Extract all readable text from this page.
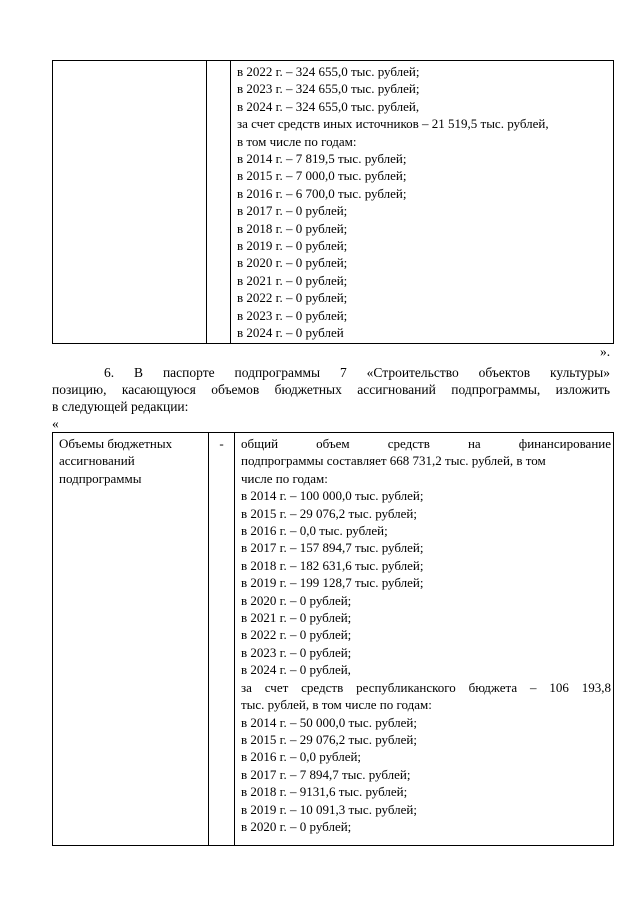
в 2022 г. – 324 655,0 тыс. рублей;
в 2023 г. – 324 655,0 тыс. рублей;
в 2024 г. – 324 655,0 тыс. рублей,
за счет средств иных источников – 21 519,5 тыс. рублей,
в том числе по годам:
в 2014 г. – 7 819,5 тыс. рублей;
в 2015 г. – 7 000,0 тыс. рублей;
в 2016 г. – 6 700,0 тыс. рублей;
в 2017 г. – 0 рублей;
в 2018 г. – 0 рублей;
в 2019 г. – 0 рублей;
в 2020 г. – 0 рублей;
в 2021 г. – 0 рублей;
в 2022 г. – 0 рублей;
в 2023 г. – 0 рублей;
в 2024 г. – 0 рублей
».
6. В паспорте подпрограммы 7 «Строительство объектов культуры»
позицию, касающуюся объемов бюджетных ассигнований подпрограммы, изложить
в следующей редакции:
«
Объемы бюджетных
ассигнований
подпрограммы
-	общий объем средств на финансирование
подпрограммы составляет 668 731,2 тыс. рублей, в том
числе по годам:
в 2014 г. – 100 000,0 тыс. рублей;
в 2015 г. – 29 076,2 тыс. рублей;
в 2016 г. – 0,0 тыс. рублей;
в 2017 г. – 157 894,7 тыс. рублей;
в 2018 г. – 182 631,6 тыс. рублей;
в 2019 г. – 199 128,7 тыс. рублей;
в 2020 г. – 0 рублей;
в 2021 г. – 0 рублей;
в 2022 г. – 0 рублей;
в 2023 г. – 0 рублей;
в 2024 г. – 0 рублей,
за счет средств республиканского бюджета – 106 193,8
тыс. рублей, в том числе по годам:
в 2014 г. – 50 000,0 тыс. рублей;
в 2015 г. – 29 076,2 тыс. рублей;
в 2016 г. – 0,0 рублей;
в 2017 г. – 7 894,7 тыс. рублей;
в 2018 г. – 9131,6 тыс. рублей;
в 2019 г. – 10 091,3 тыс. рублей;
в 2020 г. – 0 рублей;
